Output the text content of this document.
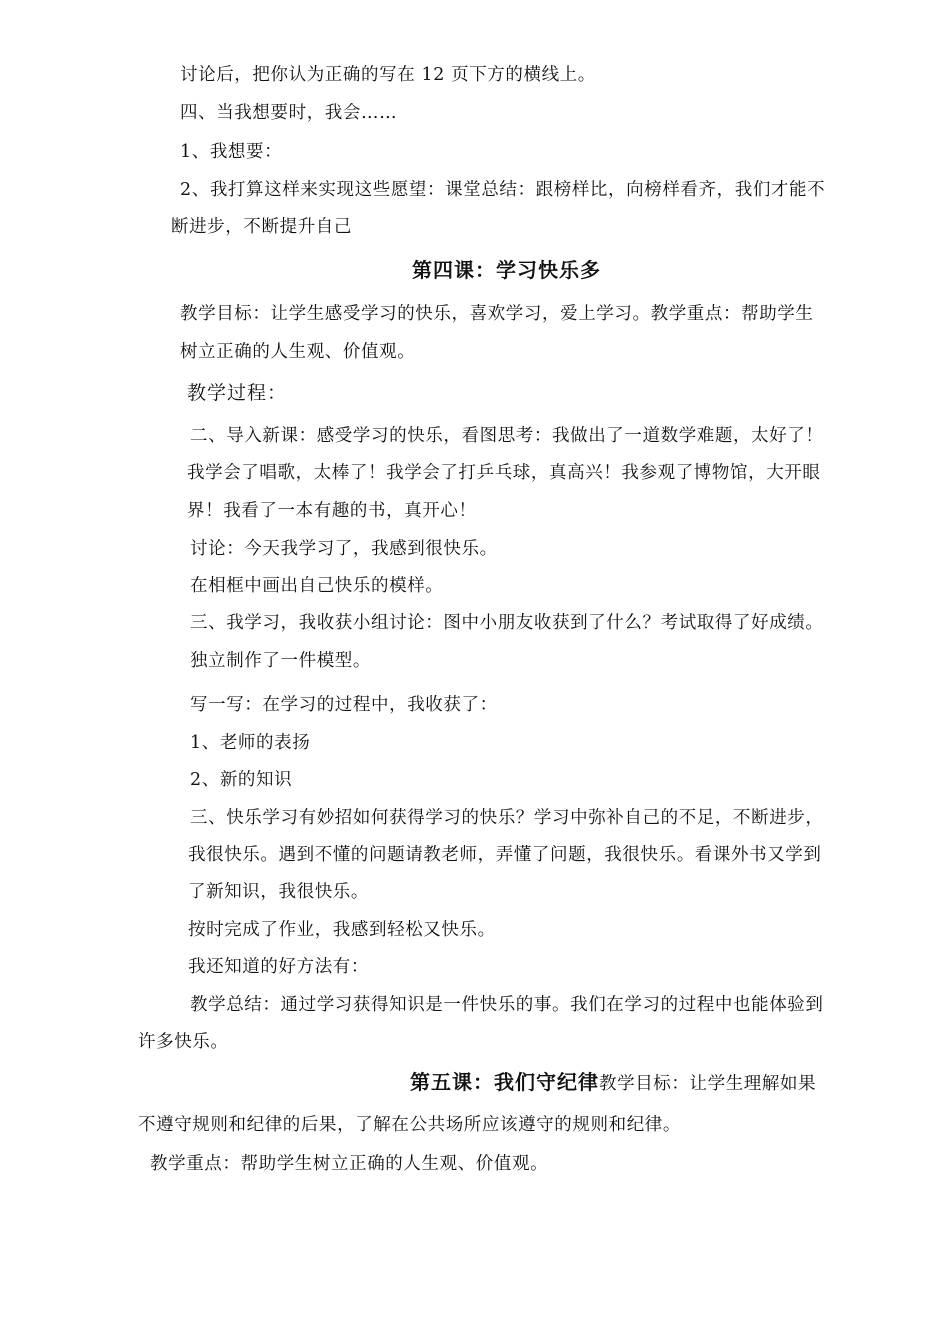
讨论后，把你认为正确的写在 12 页下方的横线上。
四、当我想要时，我会……
1、我想要：
2、我打算这样来实现这些愿望：课堂总结：跟榜样比，向榜样看齐，我们才能不
断进步，不断提升自己
第四课：学习快乐多
教学目标：让学生感受学习的快乐，喜欢学习，爱上学习。教学重点：帮助学生
树立正确的人生观、价值观。
教学过程：
二、导入新课：感受学习的快乐，看图思考：我做出了一道数学难题，太好了！
我学会了唱歌，太棒了！我学会了打乒乓球，真高兴！我参观了博物馆，大开眼
界！我看了一本有趣的书，真开心！
讨论：今天我学习了，我感到很快乐。
在相框中画出自己快乐的模样。
三、我学习，我收获小组讨论：图中小朋友收获到了什么？考试取得了好成绩。
独立制作了一件模型。
写一写：在学习的过程中，我收获了：
1、老师的表扬
2、新的知识
三、快乐学习有妙招如何获得学习的快乐？学习中弥补自己的不足，不断进步，
我很快乐。遇到不懂的问题请教老师，弄懂了问题，我很快乐。看课外书又学到
了新知识，我很快乐。
按时完成了作业，我感到轻松又快乐。
我还知道的好方法有：
教学总结：通过学习获得知识是一件快乐的事。我们在学习的过程中也能体验到
许多快乐。
第五课：我们守纪律教学目标：让学生理解如果
不遵守规则和纪律的后果，了解在公共场所应该遵守的规则和纪律。
教学重点：帮助学生树立正确的人生观、价值观。
